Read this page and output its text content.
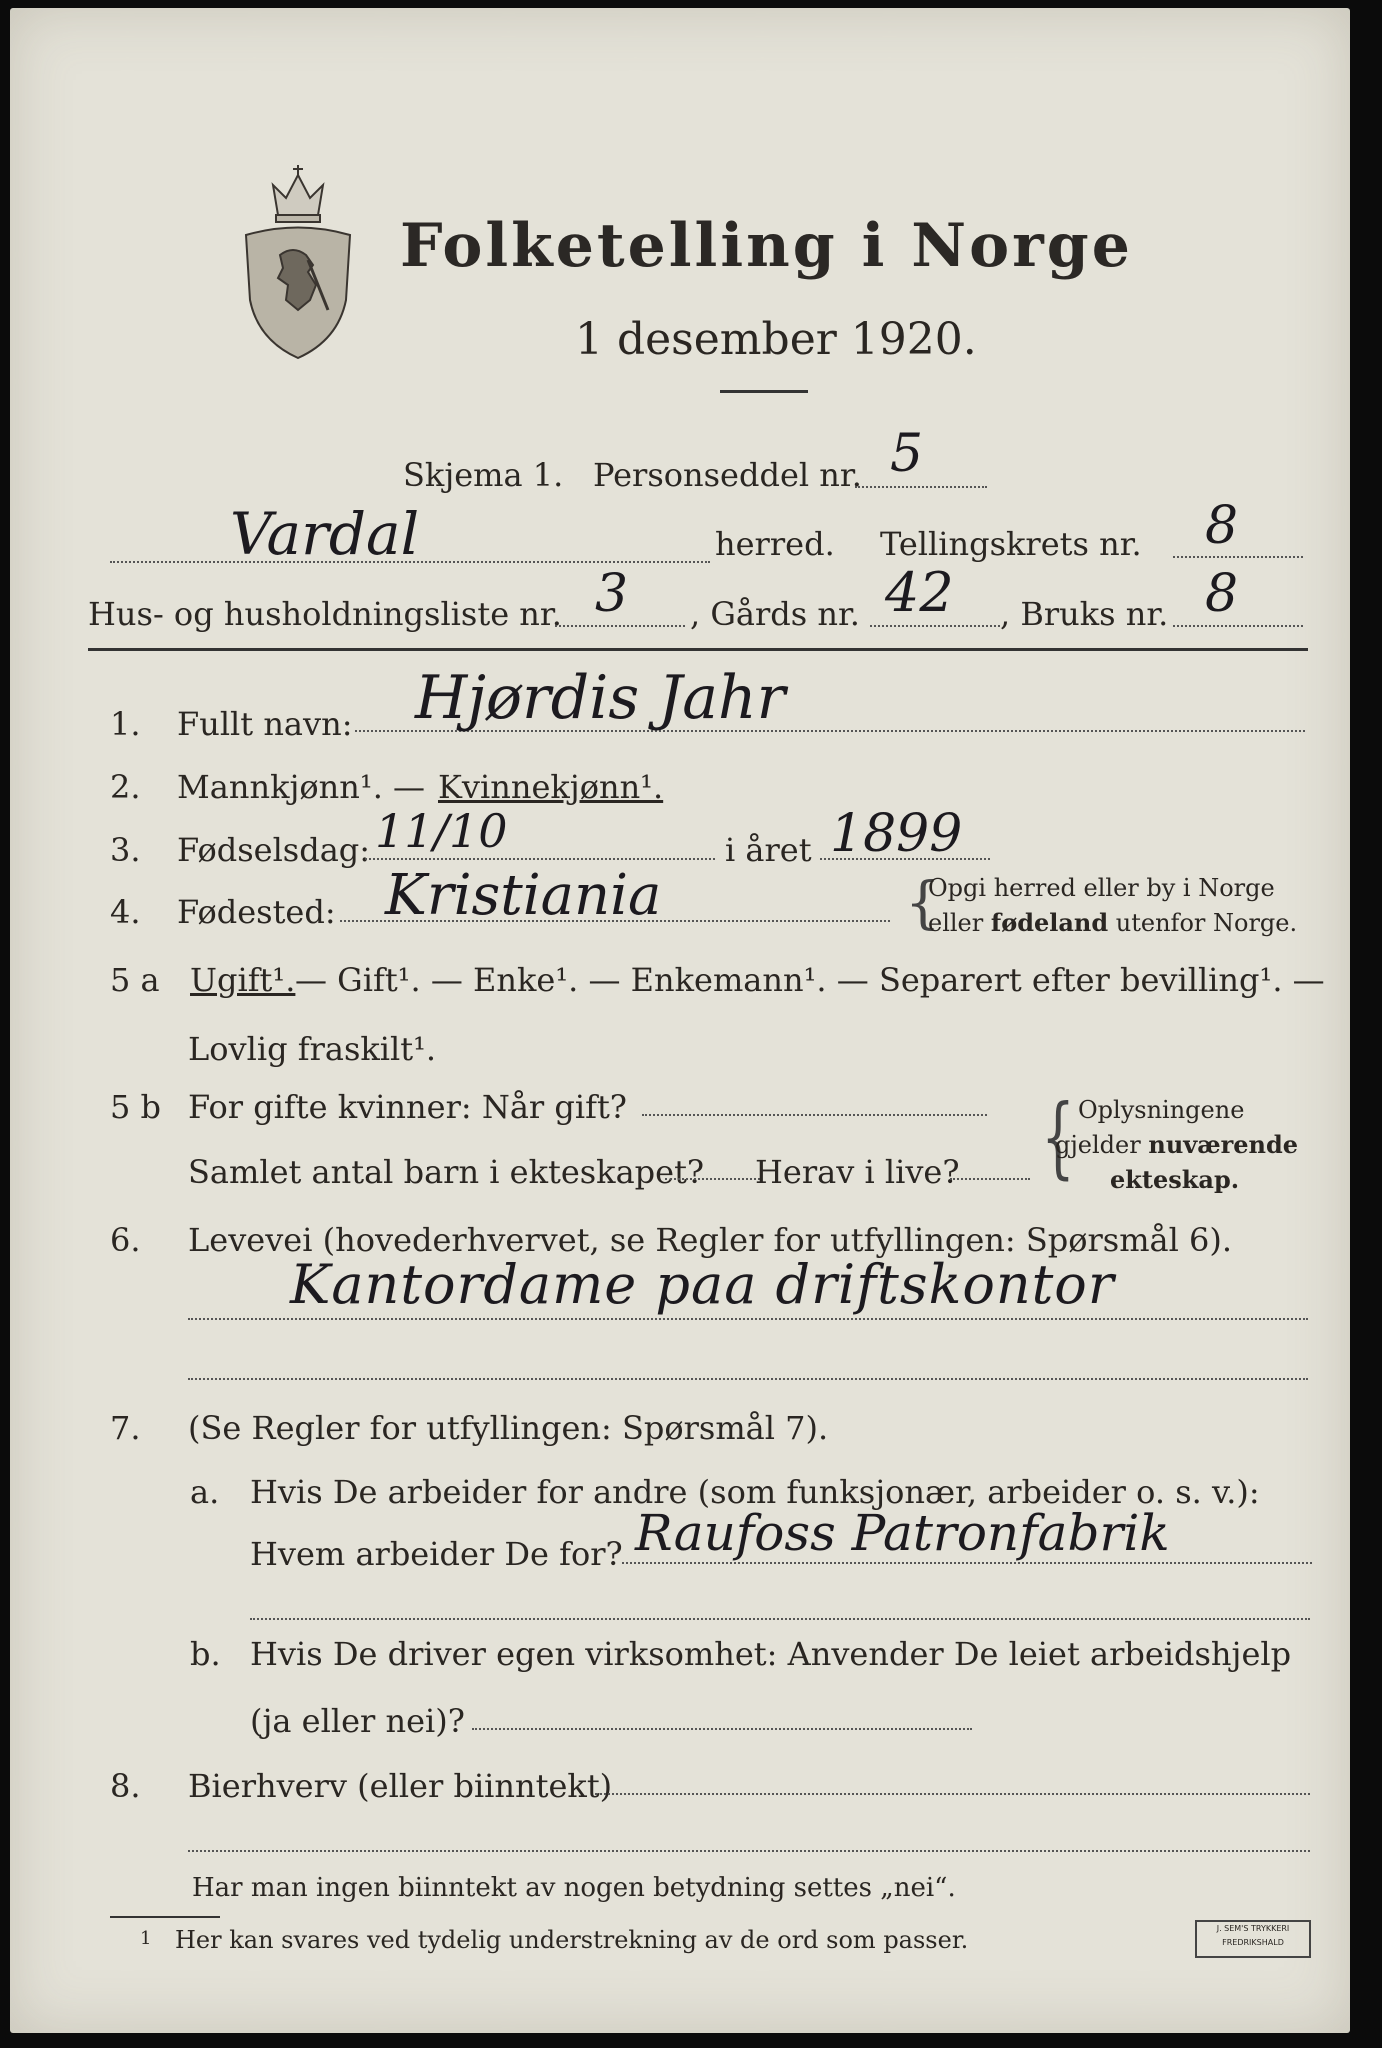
Folketelling i Norge
1 desember 1920.
Skjema 1. Personseddel nr. 5
Vardal	herred. Tellingskrets nr. 8
Hus- og husholdningsliste nr. 3 , Gårds nr. 42 , Bruks nr. 8
1. Fullt navn: Hjørdis Jahr
2. Mannkjønn¹. — Kvinnekjønn¹.
3. Fødselsdag: 11/10	i året 1899
4. Fødested: Kristiania	{
Opgi herred eller by i Norge
eller fødeland utenfor Norge.
5 a Ugift¹. — Gift¹. — Enke¹. — Enkemann¹. — Separert efter bevilling¹. —
Lovlig fraskilt¹.
5 b For gifte kvinner: Når gift?
Samlet antal barn i ekteskapet? Herav i live? { Oplysningene
gjelder nuværende
ekteskap.
6. Levevei (hovederhvervet, se Regler for utfyllingen: Spørsmål 6).
Kantordame paa driftskontor
7. (Se Regler for utfyllingen: Spørsmål 7).
a. Hvis De arbeider for andre (som funksjonær, arbeider o. s. v.):
Hvem arbeider De for? Raufoss Patronfabrik
b. Hvis De driver egen virksomhet: Anvender De leiet arbeidshjelp
(ja eller nei)?
8. Bierhverv (eller biinntekt)
Har man ingen biinntekt av nogen betydning settes „nei“.
1 Her kan svares ved tydelig understrekning av de ord som passer.	J. SEM'S TRYKKERI
FREDRIKSHALD
